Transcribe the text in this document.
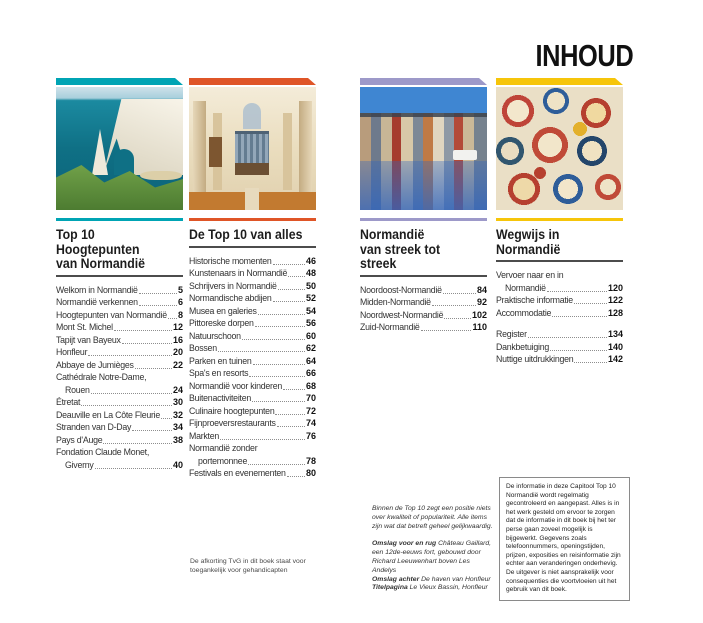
INHOUD
Top 10
Hoogtepunten
van Normandië
Welkom in Normandië	5
Normandië verkennen	6
Hoogtepunten van Normandië 8
Mont St. Michel	12
Tapijt van Bayeux	16
Honfleur	20
Abbaye de Jumièges	22
Cathédrale Notre-Dame,
Rouen	24
Étretat	30
Deauville en La Côte Fleurie 32
Stranden van D-Day	34
Pays d'Auge	38
Fondation Claude Monet,
Giverny	40
De Top 10 van alles
Historische momenten	46
Kunstenaars in Normandië 48
Schrijvers in Normandië	50
Normandische abdijen	52
Musea en galeries	54
Pittoreske dorpen	56
Natuurschoon	60
Bossen	62
Parken en tuinen	64
Spa's en resorts	66
Normandië voor kinderen	68
Buitenactiviteiten	70
Culinaire hoogtepunten	72
Fijnproeversrestaurants	74
Markten	76
Normandië zonder
portemonnee	78
Festivals en evenementen 80
Normandië
van streek tot
streek
Noordoost-Normandië	84
Midden-Normandië	92
Noordwest-Normandië	102
Zuid-Normandië	110
Wegwijs in
Normandië
Vervoer naar en in
Normandië	120
Praktische informatie	122
Accommodatie	128
Register	134
Dankbetuiging	140
Nuttige uitdrukkingen	142
De afkorting TvG in dit boek staat voor toegankelijk voor gehandicapten

Binnen de Top 10 zegt een positie niets over kwaliteit of populariteit. Alle items zijn wat dat betreft geheel gelijkwaardig.

Omslag voor en rug Château Gaillard, een 12de-eeuws fort, gebouwd door Richard Leeuwenhart boven Les Andelys
Omslag achter De haven van Honfleur
Titelpagina Le Vieux Bassin, Honfleur

De informatie in deze Capitool Top 10 Normandië wordt regelmatig gecontroleerd en aangepast. Alles is in het werk gesteld om ervoor te zorgen dat de informatie in dit boek bij het ter perse gaan zoveel mogelijk is bijgewerkt. Gegevens zoals telefoonnummers, openingstijden, prijzen, exposities en reisinformatie zijn echter aan veranderingen onderhevig. De uitgever is niet aansprakelijk voor consequenties die voortvloeien uit het gebruik van dit boek.
